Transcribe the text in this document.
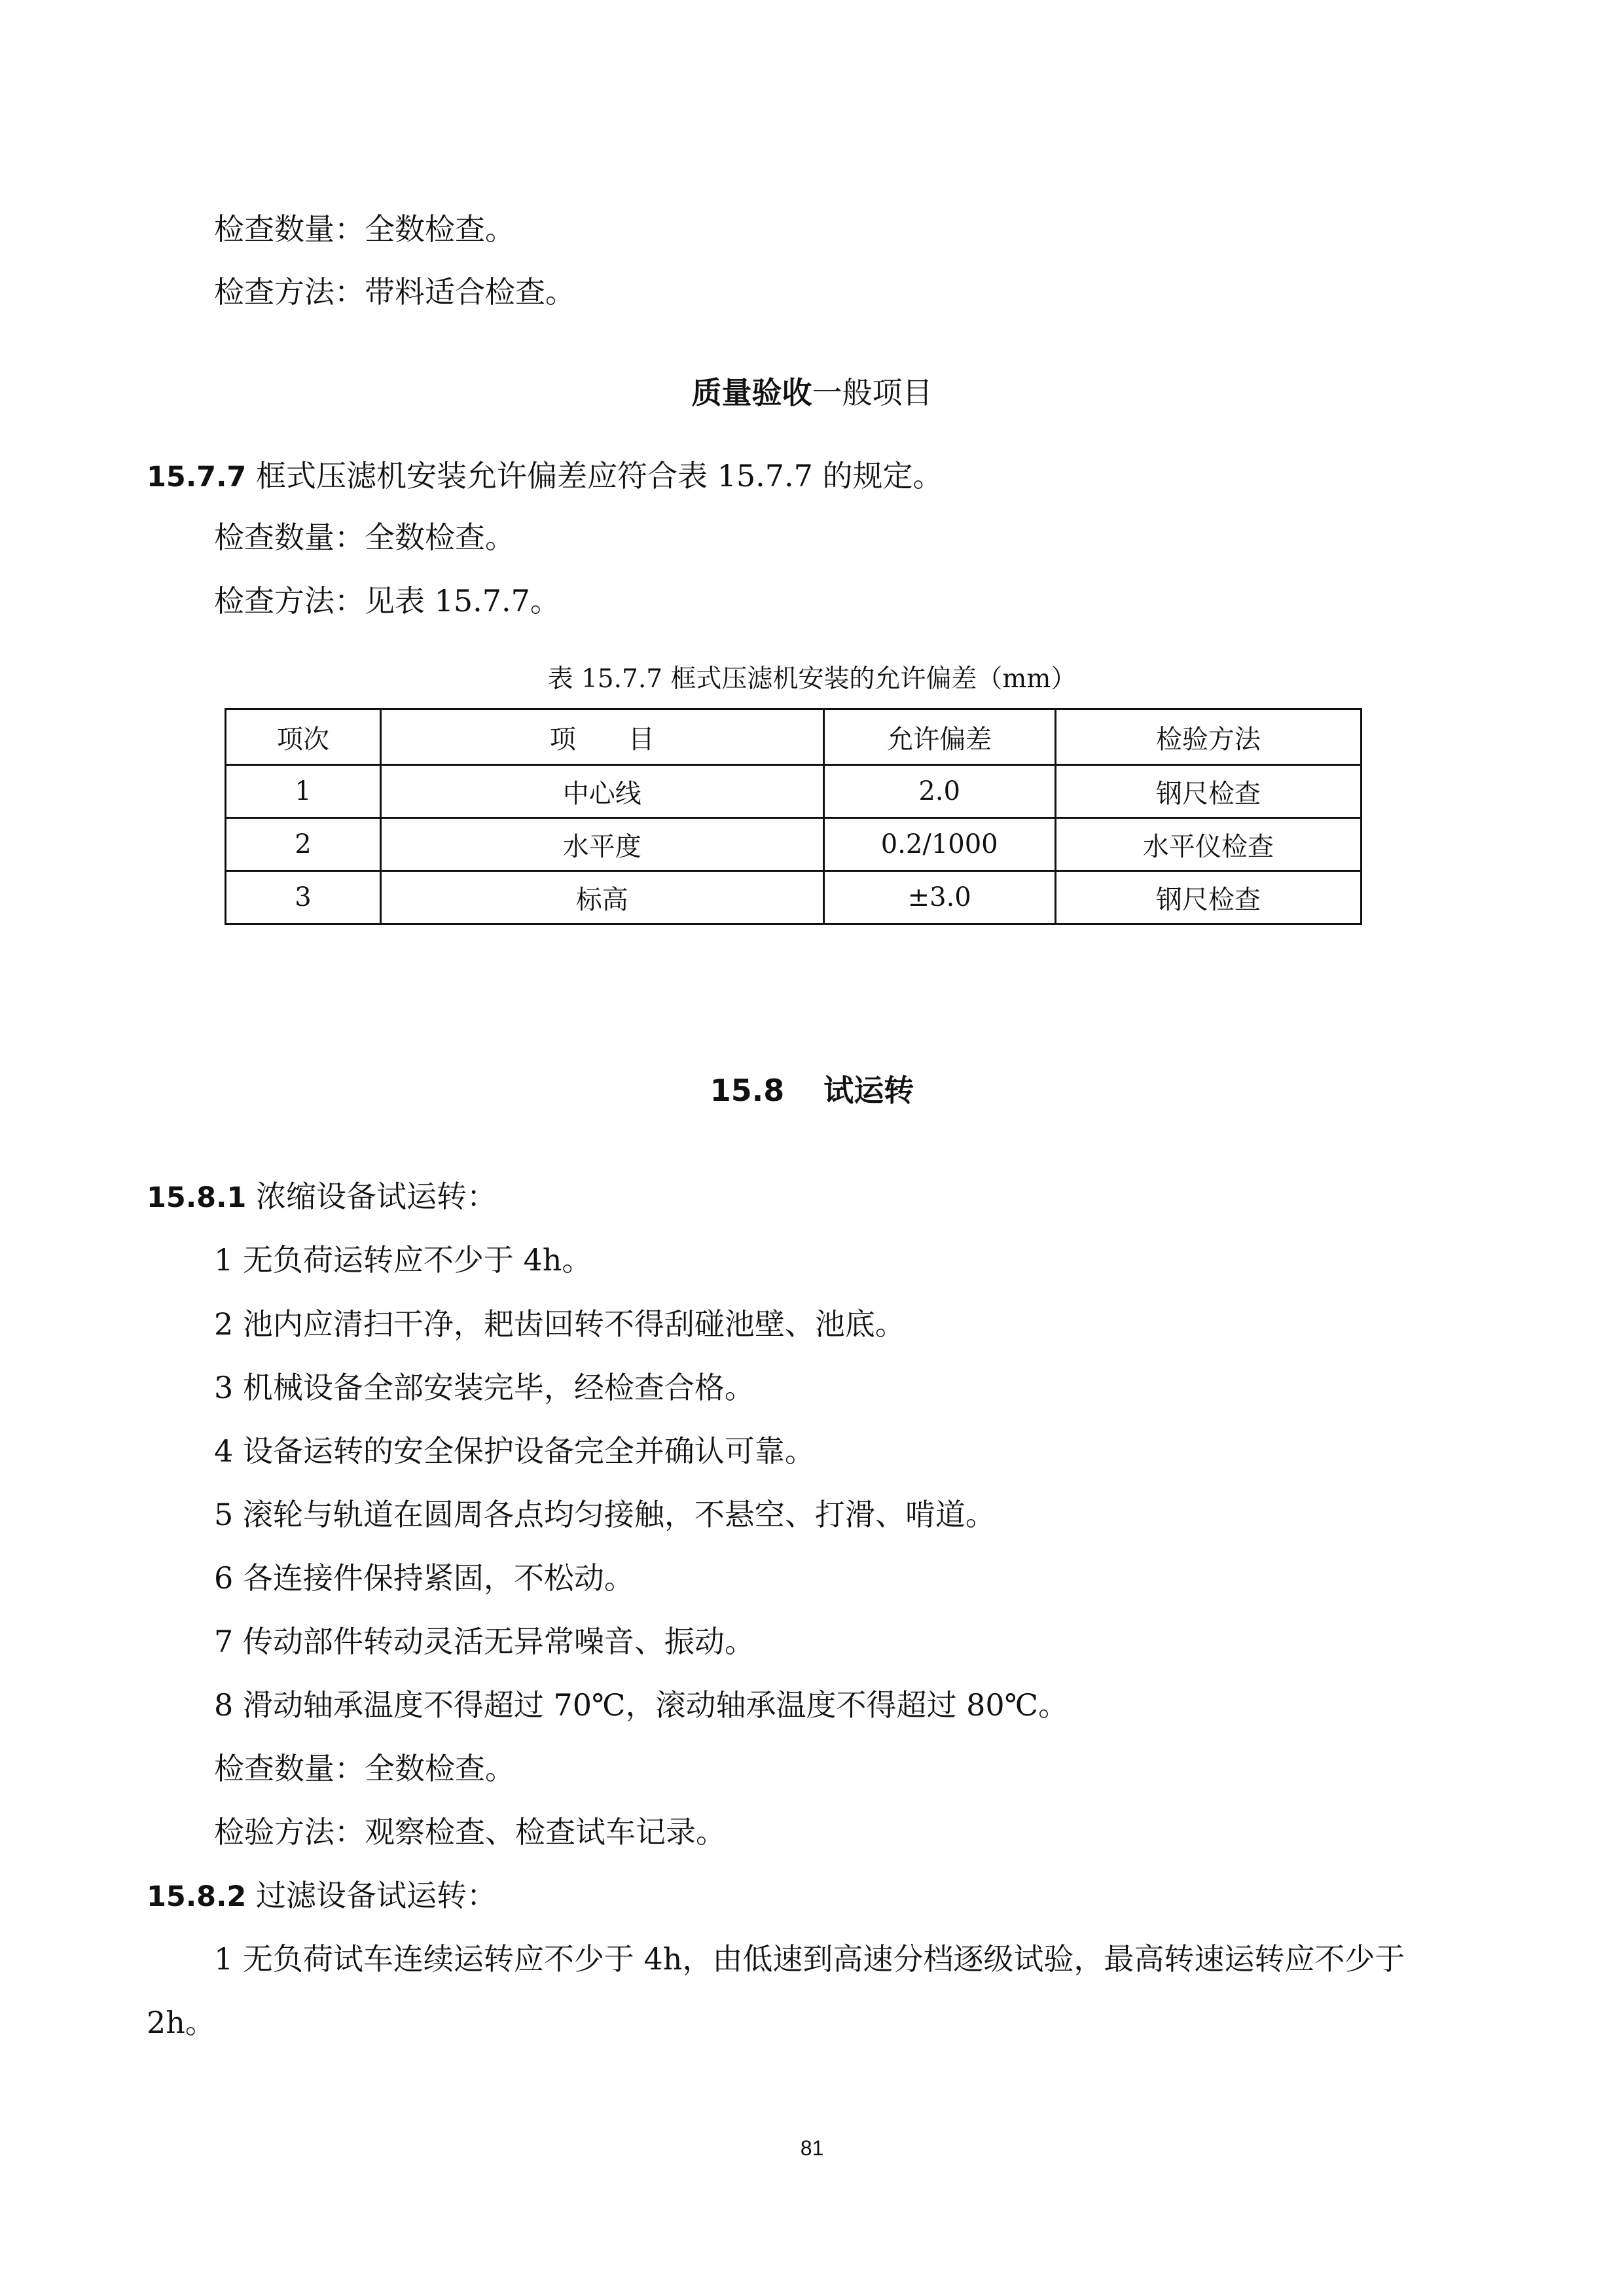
检查数量：全数检查。
检查方法：带料适合检查。
质量验收一般项目
15.7.7 框式压滤机安装允许偏差应符合表 15.7.7 的规定。
检查数量：全数检查。
检查方法：见表 15.7.7。
表 15.7.7 框式压滤机安装的允许偏差（mm）
项次	项　　目	允许偏差	检验方法
1	中心线	2.0	钢尺检查
2	水平度	0.2/1000	水平仪检查
3	标高	±3.0	钢尺检查
15.8 试运转
15.8.1 浓缩设备试运转：
1 无负荷运转应不少于 4h。
2 池内应清扫干净，耙齿回转不得刮碰池壁、池底。
3 机械设备全部安装完毕，经检查合格。
4 设备运转的安全保护设备完全并确认可靠。
5 滚轮与轨道在圆周各点均匀接触，不悬空、打滑、啃道。
6 各连接件保持紧固，不松动。
7 传动部件转动灵活无异常噪音、振动。
8 滑动轴承温度不得超过 70℃，滚动轴承温度不得超过 80℃。
检查数量：全数检查。
检验方法：观察检查、检查试车记录。
15.8.2 过滤设备试运转：
1 无负荷试车连续运转应不少于 4h，由低速到高速分档逐级试验，最高转速运转应不少于
2h。
81
